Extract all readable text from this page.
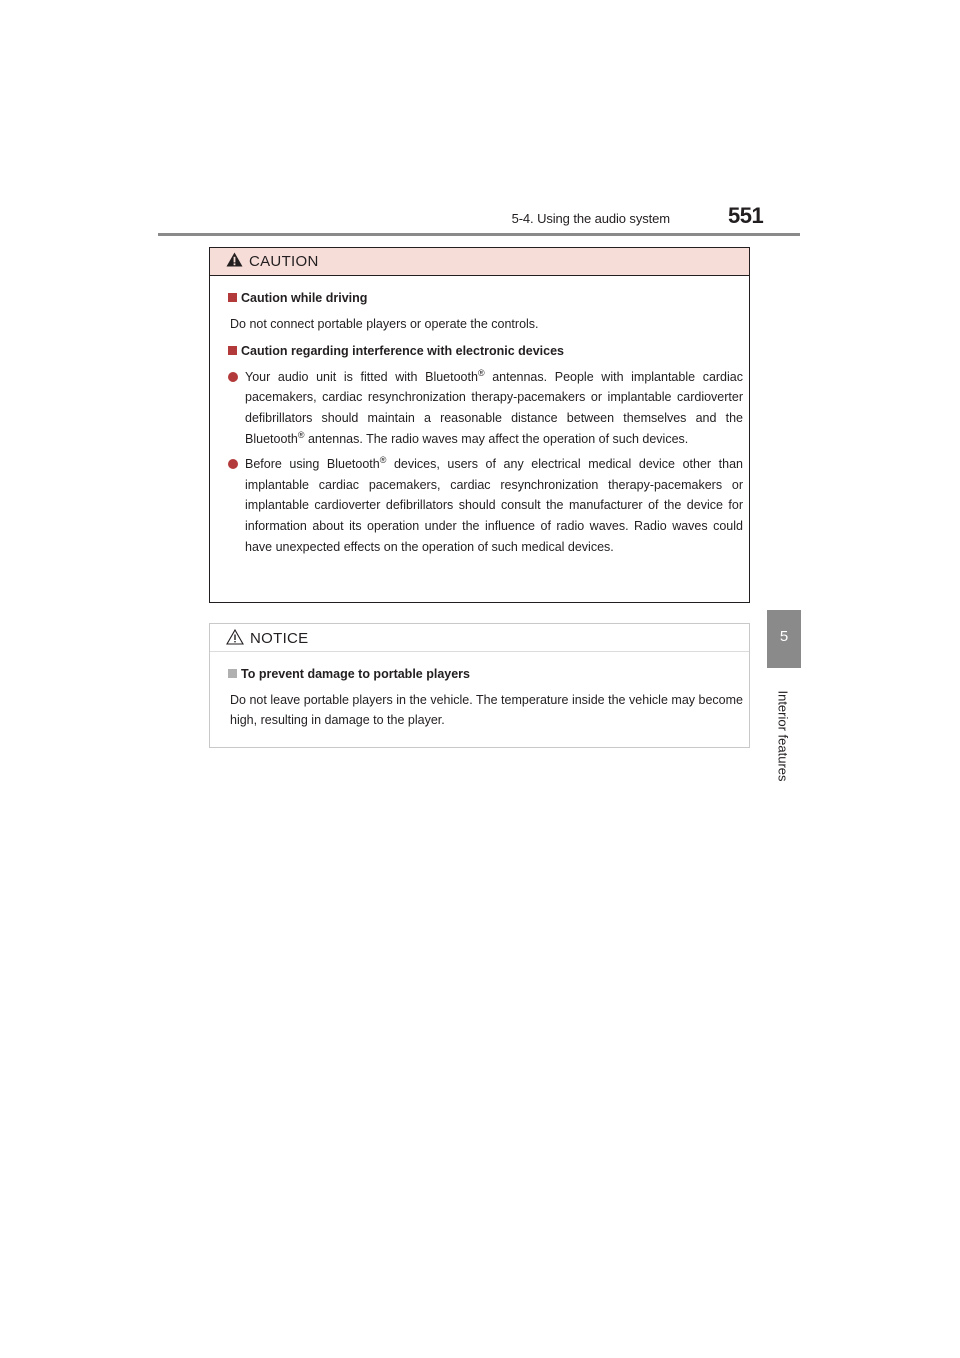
5-4. Using the audio system	551
5
Interior features
CAUTION
Caution while driving

Do not connect portable players or operate the controls.

Caution regarding interference with electronic devices
Your audio unit is fitted with Bluetooth® antennas. People with implantable cardiac pacemakers, cardiac resynchronization therapy-pacemakers or implantable cardioverter defibrillators should maintain a reasonable distance between themselves and the Bluetooth® antennas. The radio waves may affect the operation of such devices.
Before using Bluetooth® devices, users of any electrical medical device other than implantable cardiac pacemakers, cardiac resynchronization therapy-pacemakers or implantable cardioverter defibrillators should consult the manufacturer of the device for information about its operation under the influence of radio waves. Radio waves could have unexpected effects on the operation of such medical devices.
NOTICE
To prevent damage to portable players

Do not leave portable players in the vehicle. The temperature inside the vehicle may become high, resulting in damage to the player.
